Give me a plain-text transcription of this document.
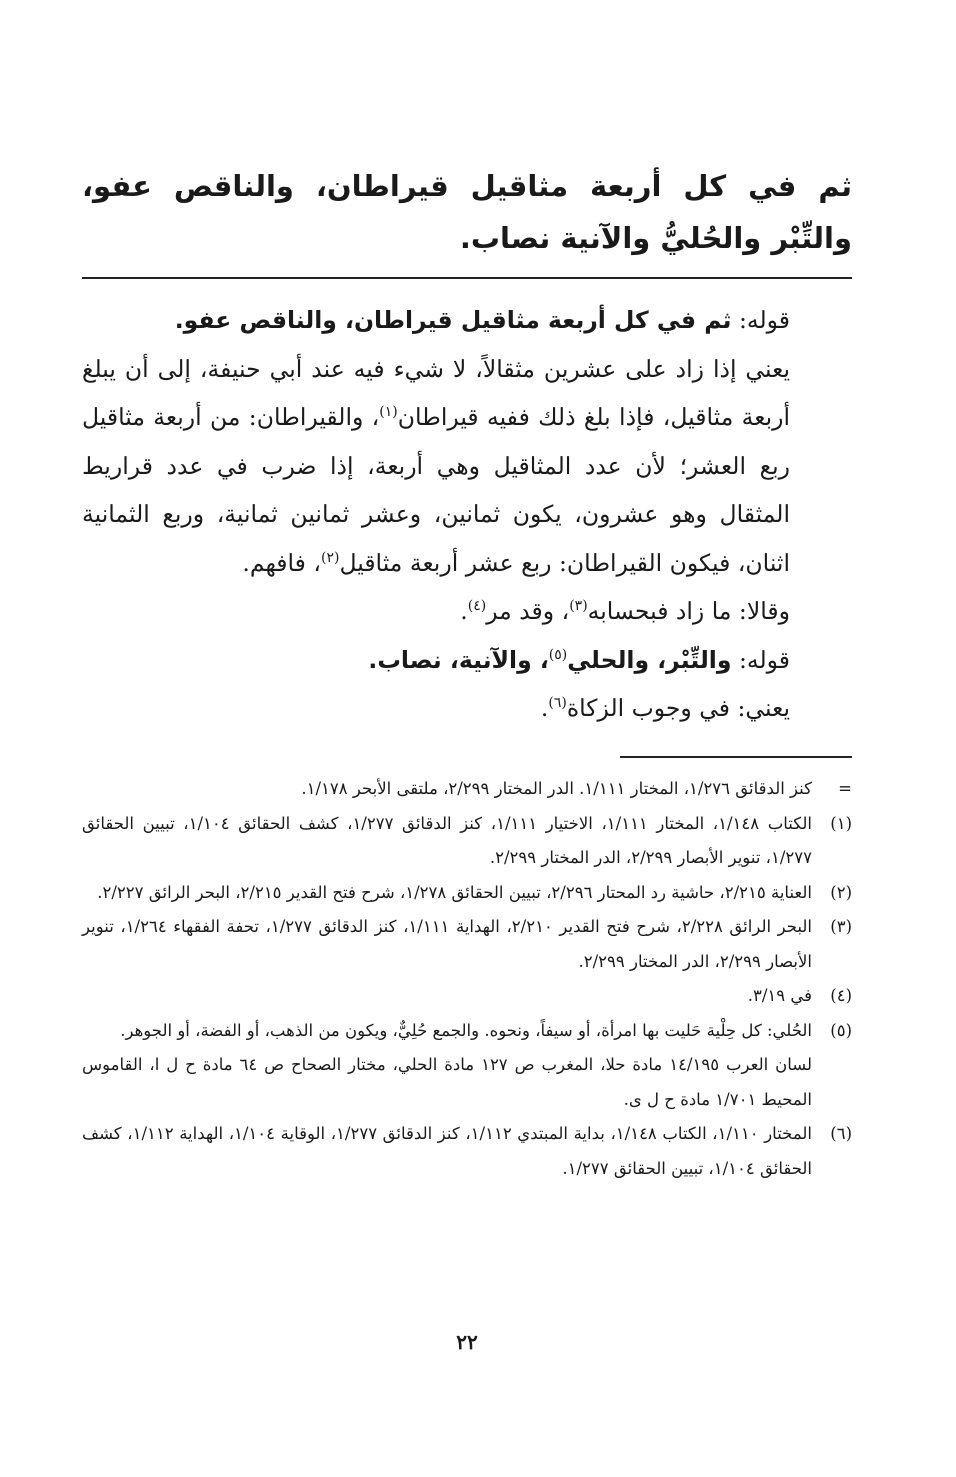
ثم في كل أربعة مثاقيل قيراطان، والناقص عفو، والتِّبْر والحُليُّ والآنية نصاب.

قوله: ثم في كل أربعة مثاقيل قيراطان، والناقص عفو.

يعني إذا زاد على عشرين مثقالاً، لا شيء فيه عند أبي حنيفة، إلى أن يبلغ أربعة مثاقيل، فإذا بلغ ذلك ففيه قيراطان$^{(١)}$، والقيراطان: من أربعة مثاقيل ربع العشر؛ لأن عدد المثاقيل وهي أربعة، إذا ضرب في عدد قراريط المثقال وهو عشرون، يكون ثمانين، وعشر ثمانين ثمانية، وربع الثمانية اثنان، فيكون القيراطان: ربع عشر أربعة مثاقيل$^{(٢)}$، فافهم.

وقالا: ما زاد فبحسابه$^{(٣)}$، وقد مر$^{(٤)}$.

قوله: والتِّبْر، والحلي$^{(٥)}$، والآنية، نصاب.

يعني: في وجوب الزكاة$^{(٦)}$.

=
كنز الدقائق ١/٢٧٦، المختار ١/١١١. الدر المختار ٢/٢٩٩، ملتقى الأبحر ١/١٧٨.
(١)
الكتاب ١/١٤٨، المختار ١/١١١، الاختيار ١/١١١، كنز الدقائق ١/٢٧٧، كشف الحقائق ١/١٠٤، تبيين الحقائق ١/٢٧٧، تنوير الأبصار ٢/٢٩٩، الدر المختار ٢/٢٩٩.
(٢)
العناية ٢/٢١٥، حاشية رد المحتار ٢/٢٩٦، تبيين الحقائق ١/٢٧٨، شرح فتح القدير ٢/٢١٥، البحر الرائق ٢/٢٢٧.
(٣)
البحر الرائق ٢/٢٢٨، شرح فتح القدير ٢/٢١٠، الهداية ١/١١١، كنز الدقائق ١/٢٧٧، تحفة الفقهاء ١/٢٦٤، تنوير الأبصار ٢/٢٩٩، الدر المختار ٢/٢٩٩.
(٤)
في ٣/١٩.
(٥)
الحُلي: كل حِلْية حَليت بها امرأة، أو سيفاً، ونحوه. والجمع حُلِيٌّ، ويكون من الذهب، أو الفضة، أو الجوهر.
لسان العرب ١٤/١٩٥ مادة حلا، المغرب ص ١٢٧ مادة الحلي، مختار الصحاح ص ٦٤ مادة ح ل ا، القاموس المحيط ١/٧٠١ مادة ح ل ى.
(٦)
المختار ١/١١٠، الكتاب ١/١٤٨، بداية المبتدي ١/١١٢، كنز الدقائق ١/٢٧٧، الوقاية ١/١٠٤، الهداية ١/١١٢، كشف الحقائق ١/١٠٤، تبيين الحقائق ١/٢٧٧.
٢٢
